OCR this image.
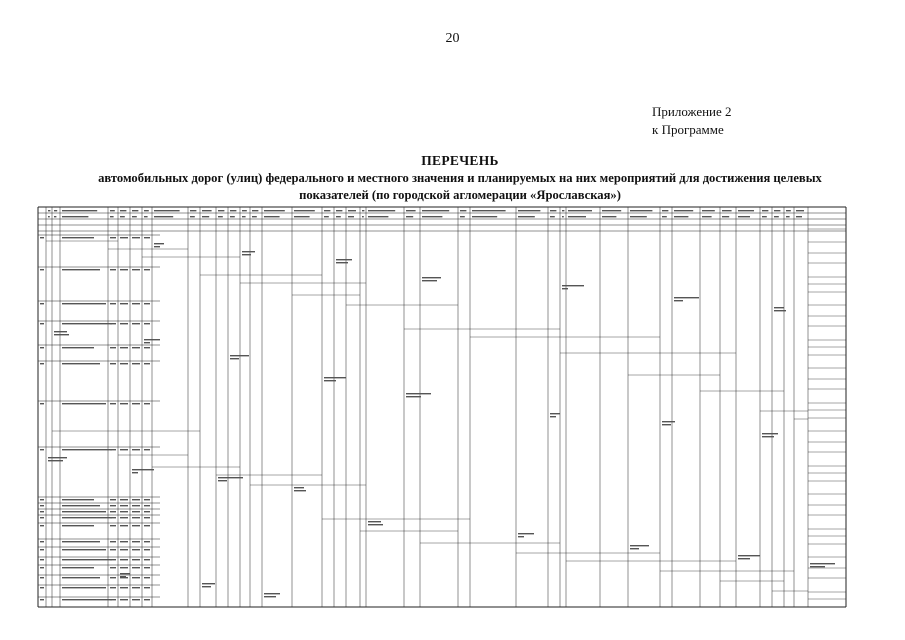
20
Приложение 2
к Программе
ПЕРЕЧЕНЬ
автомобильных дорог (улиц) федерального и местного значения и планируемых на них мероприятий для достижения целевых
показателей (по городской агломерации «Ярославская»)
